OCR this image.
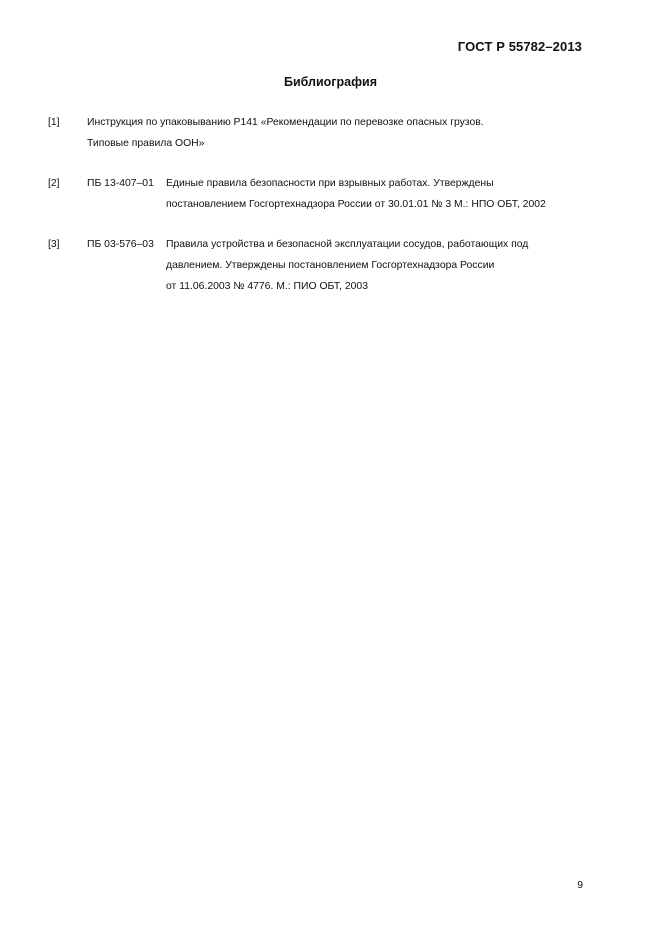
ГОСТ Р 55782–2013
Библиография
[1]	Инструкция по упаковыванию Р141 «Рекомендации по перевозке опасных грузов.
Типовые правила ООН»
[2]	ПБ 13-407–01 Единые правила безопасности при взрывных работах. Утверждены
постановлением Госгортехнадзора России от 30.01.01 № 3 М.: НПО ОБТ, 2002
[3]	ПБ 03-576–03 Правила устройства и безопасной эксплуатации сосудов, работающих под
давлением. Утверждены постановлением Госгортехнадзора России
от 11.06.2003 № 4776. М.: ПИО ОБТ, 2003
9
